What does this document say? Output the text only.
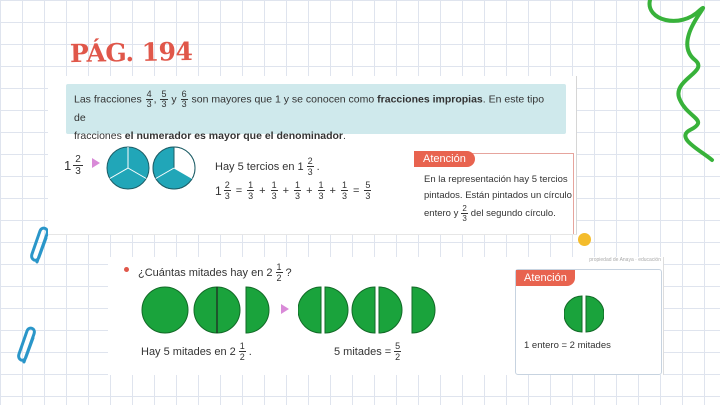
PÁG. 194
Las fracciones $\frac{4}{3}$ , $\frac{5}{3}$ y $\frac{6}{3}$ son mayores que 1 y se conocen como fracciones impropias. En este tipo de
fracciones el numerador es mayor que el denominador.
$1 \frac{2}{3}$	Hay 5 tercios en $1 \frac{2}{3}$ .
$1 \frac{2}{3} = \frac{1}{3} + \frac{1}{3} + \frac{1}{3} + \frac{1}{3} + \frac{1}{3} = \frac{5}{3}$
Atención
En la representación hay 5 tercios
pintados. Están pintados un círculo
entero y 2
3 del segundo círculo.
propiedad de Anaya · educación
¿Cuántas mitades hay en $2 \frac{1}{2}$ ?
Hay 5 mitades en $2 \frac{1}{2}$ .	5 mitades = $\frac{5}{2}$
Atención
1 entero = 2 mitades
